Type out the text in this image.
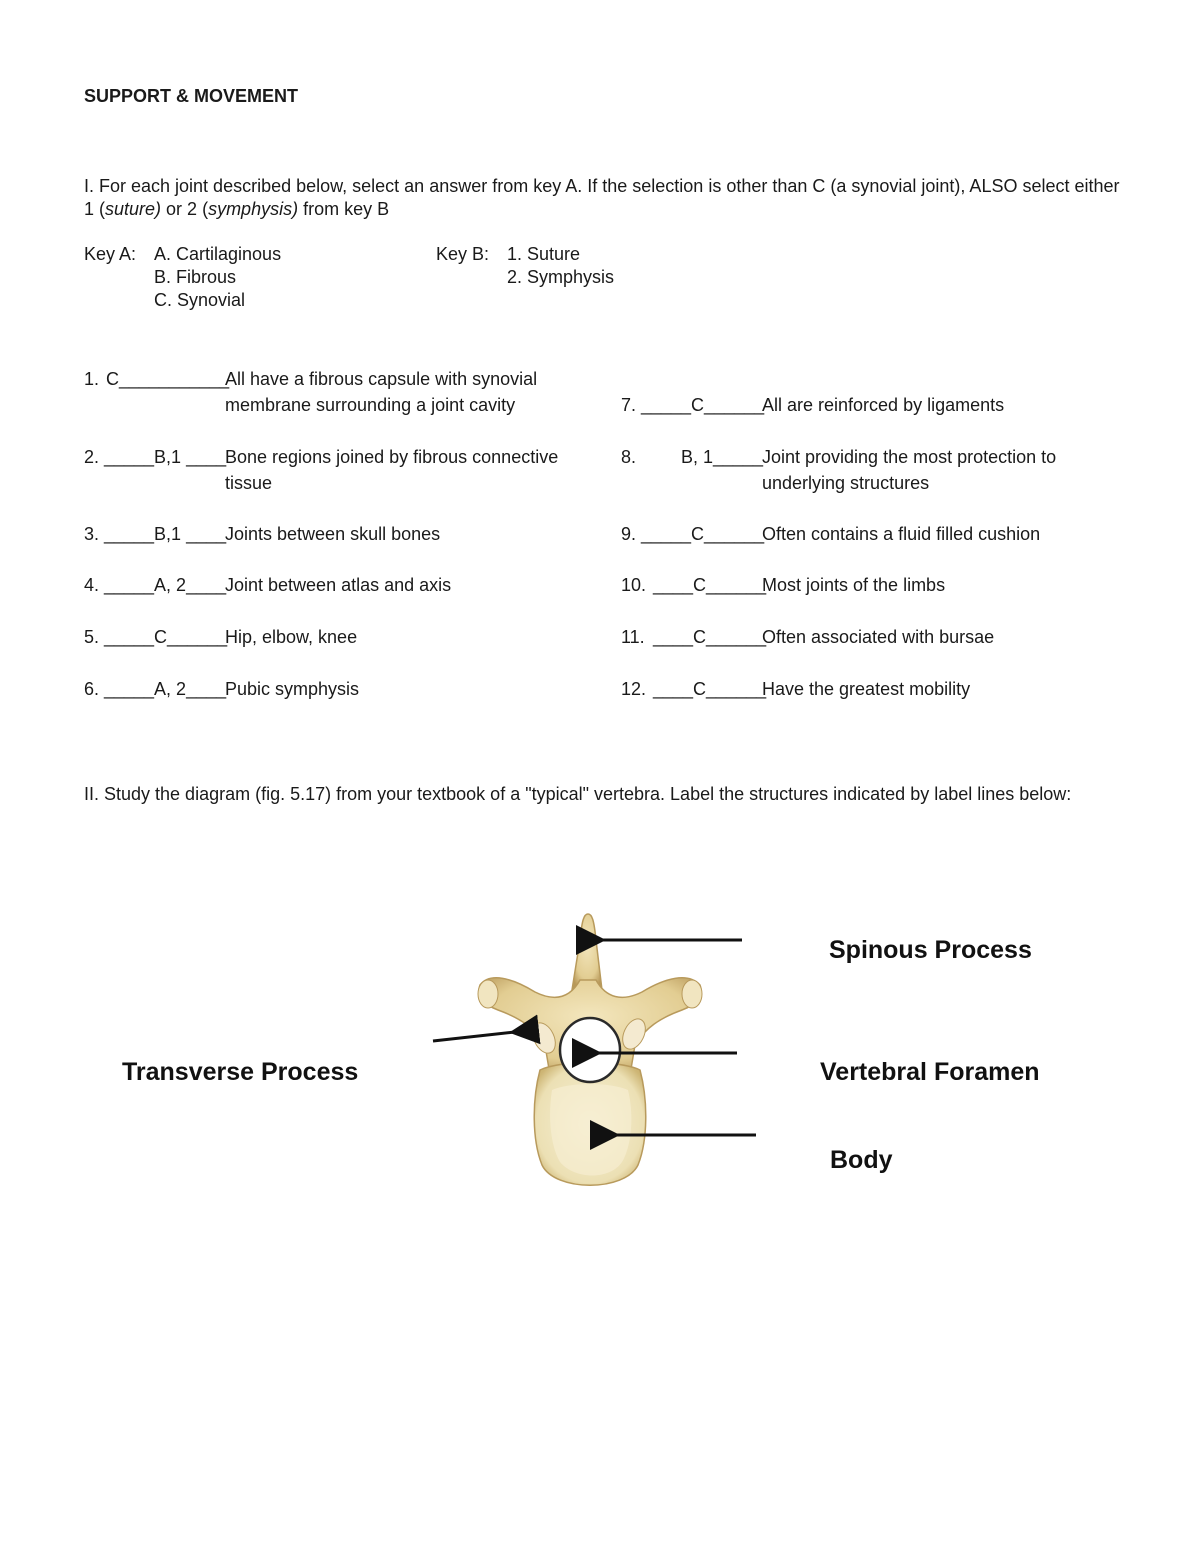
SUPPORT & MOVEMENT
I. For each joint described below, select an answer from key A. If the selection is other than C (a synovial joint), ALSO select either 1 (suture) or 2 (symphysis) from key B
Key A: A. Cartilaginous
B. Fibrous
C. Synovial
Key B: 1. Suture
2. Symphysis
1. C___________
All have a fibrous capsule with synovial
membrane surrounding a joint cavity
2. _____B,1 ____
Bone regions joined by fibrous connective
tissue
3. _____B,1 ____
Joints between skull bones
4. _____A, 2____
Joint between atlas and axis
5. _____C______
Hip, elbow, knee
6. _____A, 2____
Pubic symphysis
7. _____C______
All are reinforced by ligaments
8. B, 1_____
Joint providing the most protection to
underlying structures
9. _____C______
Often contains a fluid filled cushion
10. ____C______
Most joints of the limbs
11. ____C______
Often associated with bursae
12. ____C______
Have the greatest mobility
II. Study the diagram (fig. 5.17) from your textbook of a "typical" vertebra. Label the structures indicated by label lines below:
Spinous Process
Transverse Process	Vertebral Foramen
Body
